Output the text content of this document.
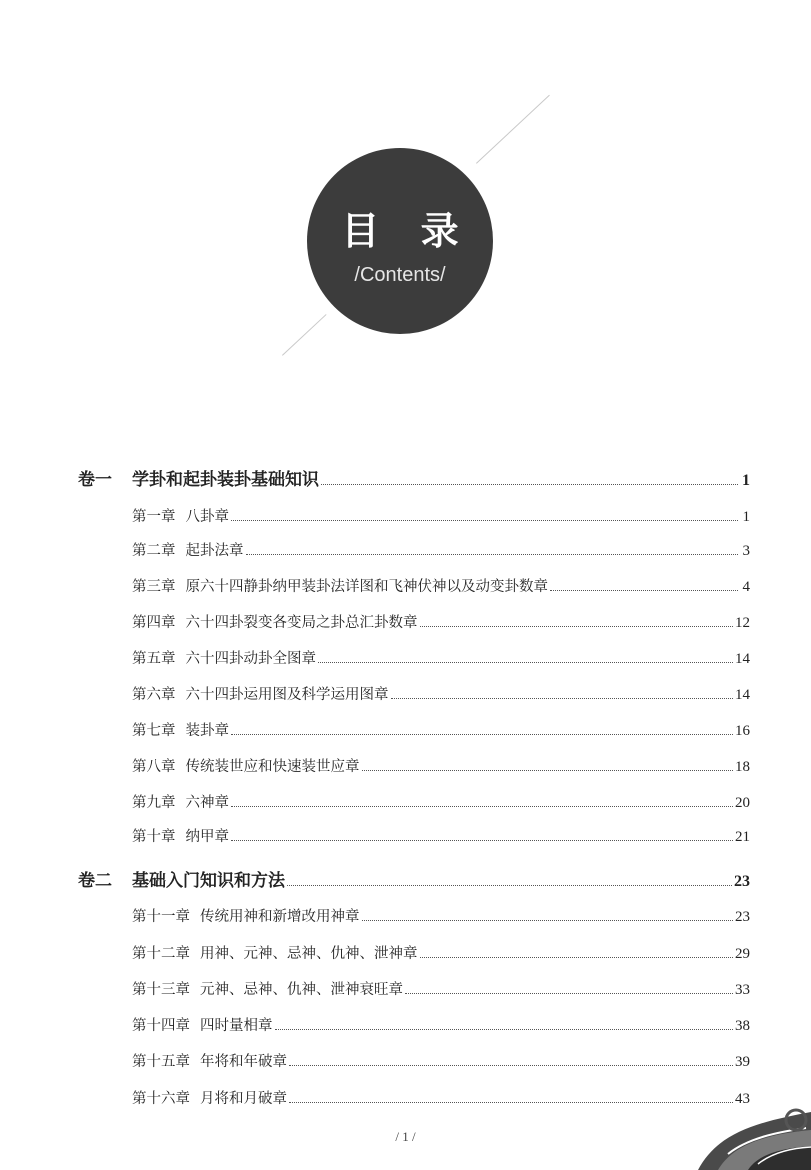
目 录
/Contents/
卷一	学卦和起卦装卦基础知识	1
第一章 八卦章	1
第二章 起卦法章	3
第三章 原六十四静卦纳甲装卦法详图和飞神伏神以及动变卦数章	4
第四章 六十四卦裂变各变局之卦总汇卦数章	12
第五章 六十四卦动卦全图章	14
第六章 六十四卦运用图及科学运用图章	14
第七章 装卦章	16
第八章 传统装世应和快速装世应章	18
第九章 六神章	20
第十章 纳甲章	21
卷二	基础入门知识和方法	23
第十一章 传统用神和新增改用神章	23
第十二章 用神、元神、忌神、仇神、泄神章	29
第十三章 元神、忌神、仇神、泄神衰旺章	33
第十四章 四时量相章	38
第十五章 年将和年破章	39
第十六章 月将和月破章	43
/ 1 /
